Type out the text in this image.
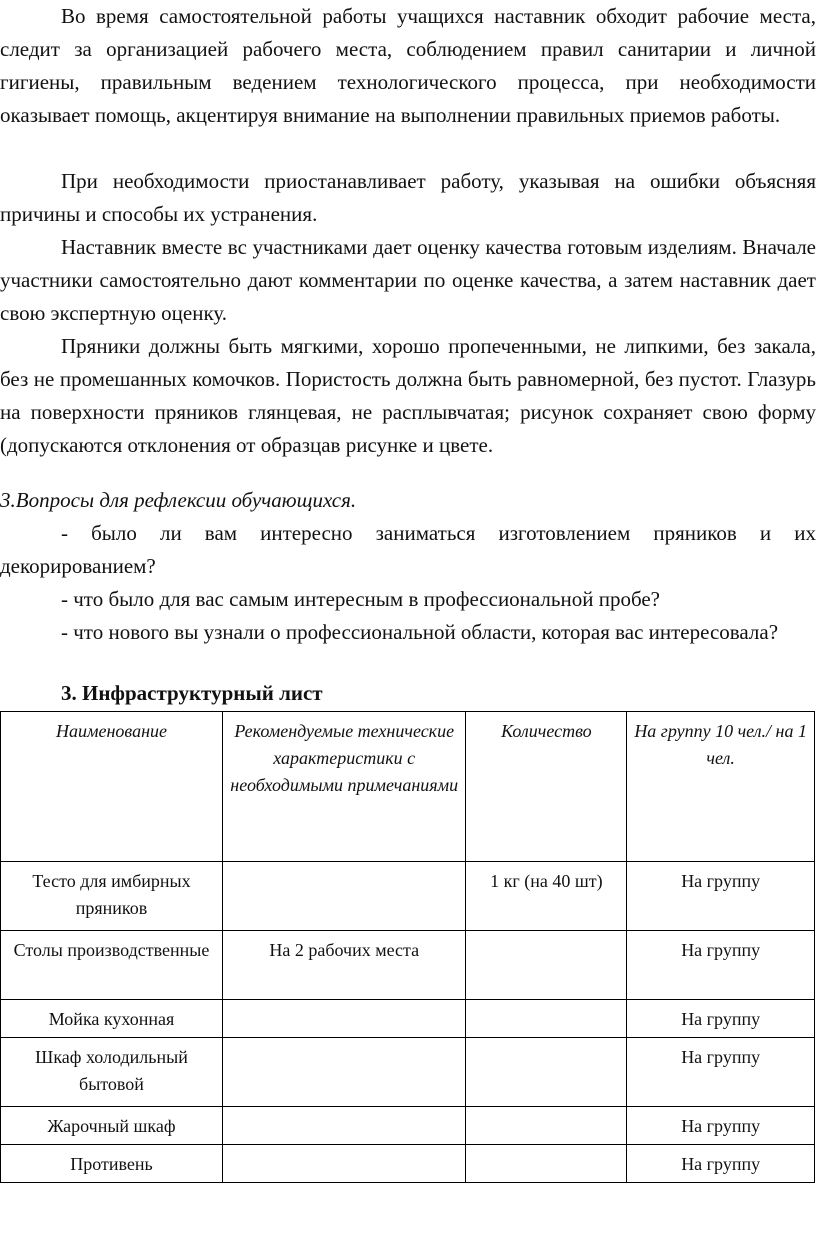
Во время самостоятельной работы учащихся наставник обходит рабочие места, следит за организацией рабочего места, соблюдением правил санитарии и личной гигиены, правильным ведением технологического процесса, при необходимости оказывает помощь, акцентируя внимание на выполнении правильных приемов работы.

При необходимости приостанавливает работу, указывая на ошибки объясняя причины и способы их устранения.

Наставник вместе вс участниками дает оценку качества готовым изделиям. Вначале участники самостоятельно дают комментарии по оценке качества, а затем наставник дает свою экспертную оценку.

Пряники должны быть мягкими, хорошо пропеченными, не липкими, без закала, без не промешанных комочков. Пористость должна быть равномерной, без пустот. Глазурь на поверхности пряников глянцевая, не расплывчатая; рисунок сохраняет свою форму (допускаются отклонения от образцав рисунке и цвете.

3.Вопросы для рефлексии обучающихся.

- было ли вам интересно заниматься изготовлением пряников и их декорированием?

- что было для вас самым интересным в профессиональной пробе?

- что нового вы узнали о профессиональной области, которая вас интересовала?

3. Инфраструктурный лист

Наименование	Рекомендуемые технические характеристики с необходимыми примечаниями	Количество	На группу 10 чел./ на 1 чел.
Тесто для имбирных пряников		1 кг (на 40 шт)	На группу
Столы производственные	На 2 рабочих места		На группу
Мойка кухонная			На группу
Шкаф холодильный бытовой			На группу
Жарочный шкаф			На группу
Противень			На группу
